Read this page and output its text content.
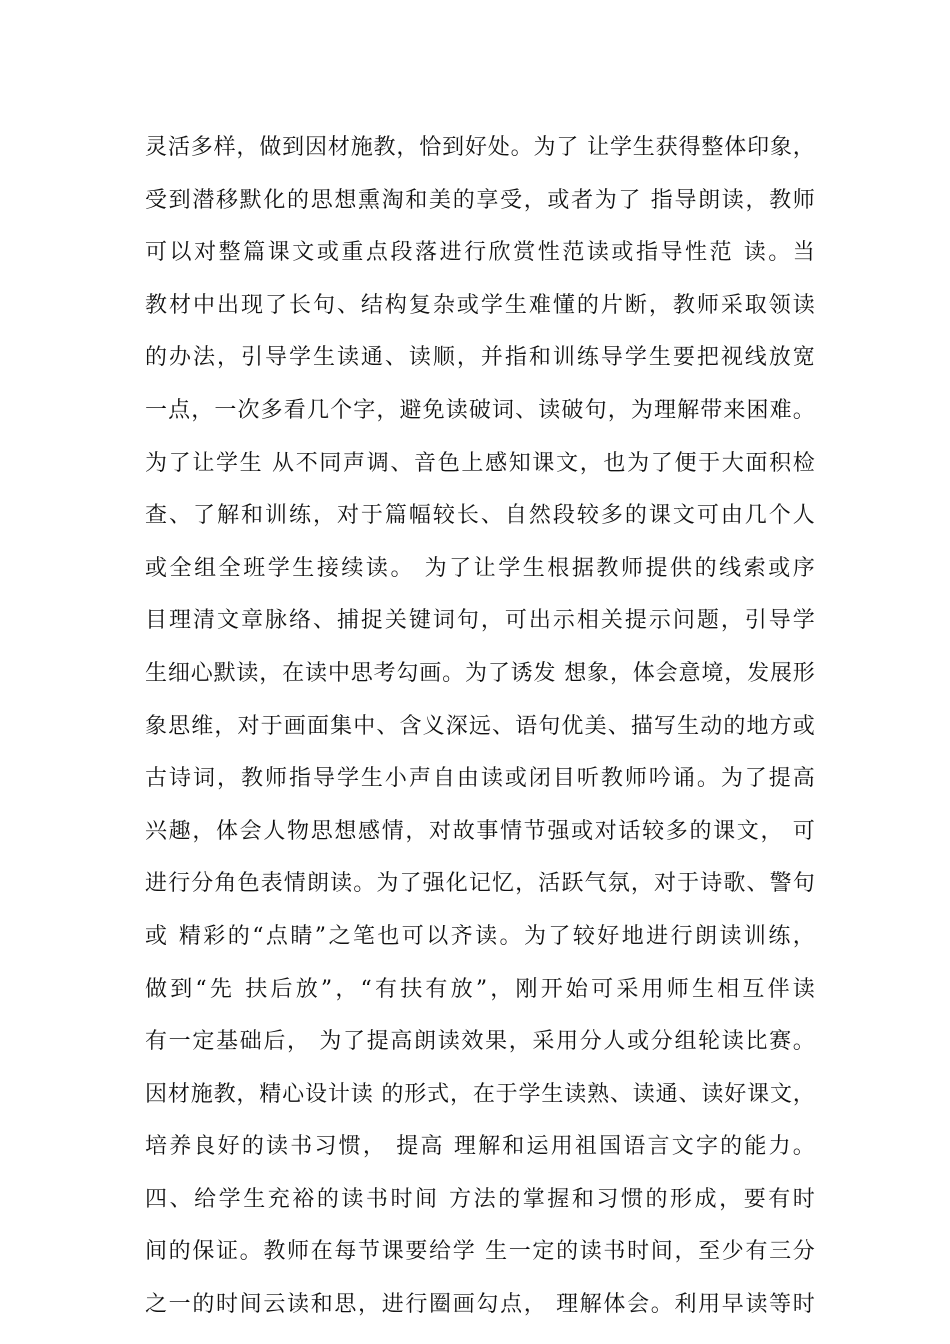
灵活多样，做到因材施教，恰到好处。为了 让学生获得整体印象，
受到潜移默化的思想熏淘和美的享受，或者为了 指导朗读，教师
可以对整篇课文或重点段落进行欣赏性范读或指导性范 读。当
教材中出现了长句、结构复杂或学生难懂的片断，教师采取领读
的办法，引导学生读通、读顺，并指和训练导学生要把视线放宽
一点，一次多看几个字，避免读破词、读破句，为理解带来困难。
为了让学生 从不同声调、音色上感知课文，也为了便于大面积检
查、了解和训练，对于篇幅较长、自然段较多的课文可由几个人
或全组全班学生接续读。 为了让学生根据教师提供的线索或序
目理清文章脉络、捕捉关键词句，可出示相关提示问题，引导学
生细心默读，在读中思考勾画。为了诱发 想象，体会意境，发展形
象思维，对于画面集中、含义深远、语句优美、描写生动的地方或
古诗词，教师指导学生小声自由读或闭目听教师吟诵。为了提高
兴趣，体会人物思想感情，对故事情节强或对话较多的课文， 可
进行分角色表情朗读。为了强化记忆，活跃气氛，对于诗歌、警句
或 精彩的“点睛”之笔也可以齐读。为了较好地进行朗读训练，
做到“先 扶后放”，“有扶有放”，刚开始可采用师生相互伴读
有一定基础后， 为了提高朗读效果，采用分人或分组轮读比赛。
因材施教，精心设计读 的形式，在于学生读熟、读通、读好课文，
培养良好的读书习惯， 提高 理解和运用祖国语言文字的能力。
四、给学生充裕的读书时间 方法的掌握和习惯的形成，要有时
间的保证。教师在每节课要给学 生一定的读书时间，至少有三分
之一的时间云读和思，进行圈画勾点， 理解体会。利用早读等时
